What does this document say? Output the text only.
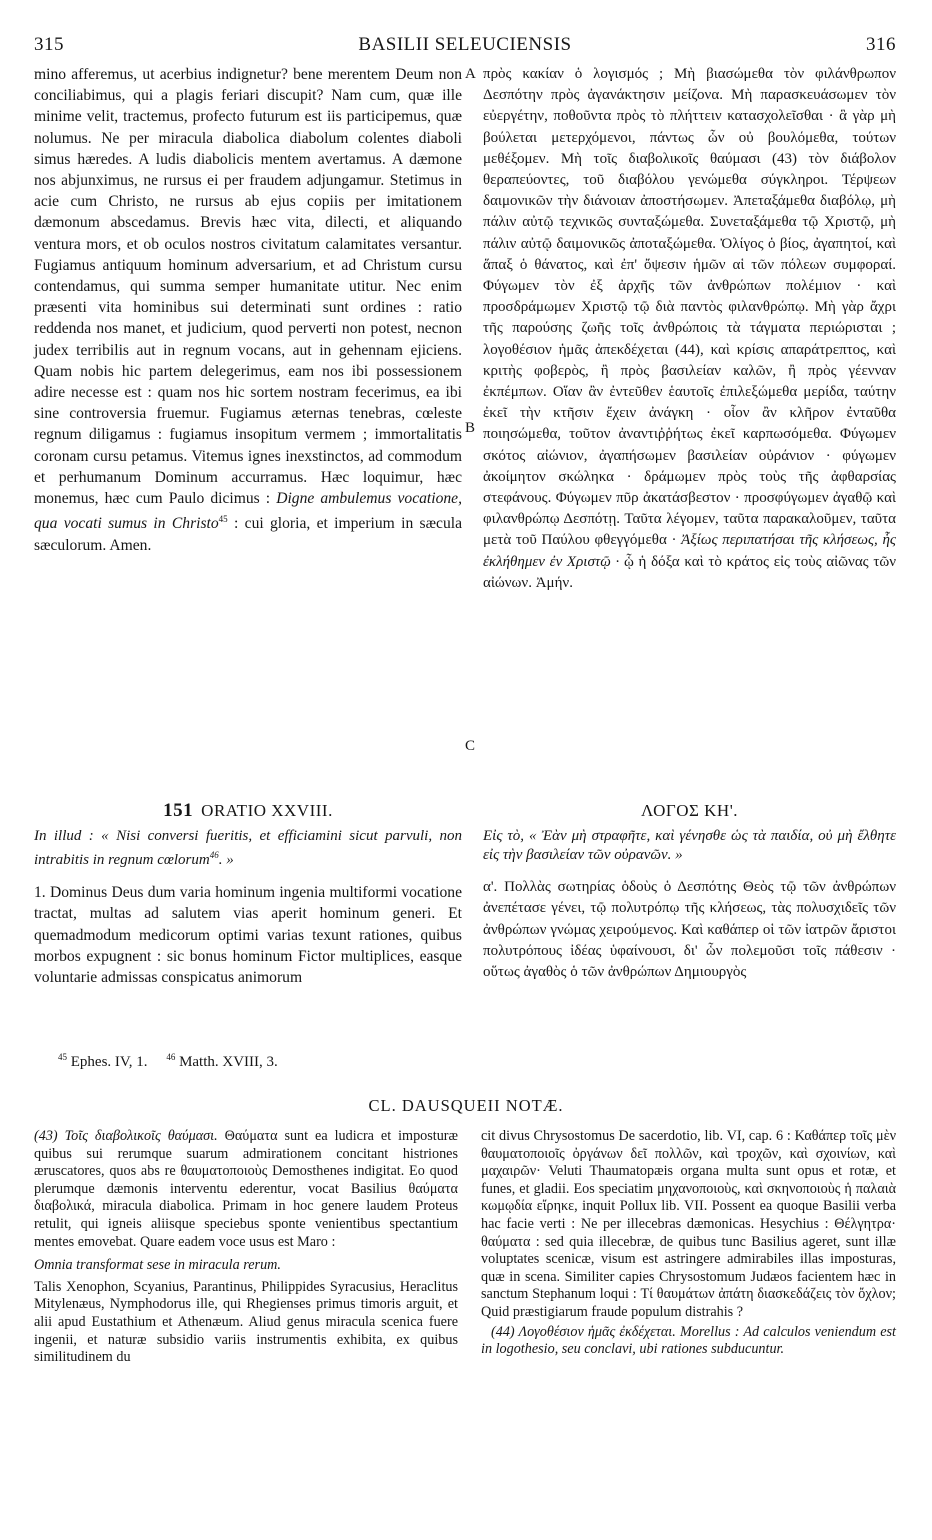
315	BASILII SELEUCIENSIS	316

mino afferemus, ut acerbius indignetur? bene merentem Deum non conciliabimus, qui a plagis feriari discupit? Nam cum, quæ ille minime velit, tractemus, profecto futurum est iis participemus, quæ nolumus. Ne per miracula diabolica diabolum colentes diaboli simus hæredes. A ludis diabolicis mentem avertamus. A dæmone nos abjunximus, ne rursus ei per fraudem adjungamur. Stetimus in acie cum Christo, ne rursus ab ejus copiis per imitationem dæmonum abscedamus. Brevis hæc vita, dilecti, et aliquando ventura mors, et ob oculos nostros civitatum calamitates versantur. Fugiamus antiquum hominum adversarium, et ad Christum cursu contendamus, qui summa semper humanitate utitur. Nec enim præsenti vita hominibus sui determinati sunt ordines : ratio reddenda nos manet, et judicium, quod perverti non potest, necnon judex terribilis aut in regnum vocans, aut in gehennam ejiciens. Quam nobis hic partem delegerimus, eam nos ibi possessionem adire necesse est : quam nos hic sortem nostram fecerimus, ea ibi sine controversia fruemur. Fugiamus æternas tenebras, cœleste regnum diligamus : fugiamus insopitum vermem ; immortalitatis coronam cursu petamus. Vitemus ignes inexstinctos, ad commodum et perhumanum Dominum accurramus. Hæc loquimur, hæc monemus, hæc cum Paulo dicimus : Digne ambulemus vocatione, qua vocati sumus in Christo$^{45}$ : cui gloria, et imperium in sæcula sæculorum. Amen.

πρὸς κακίαν ὁ λογισμός ; Μὴ βιασώμεθα τὸν φιλάνθρωπον Δεσπότην πρὸς ἀγανάκτησιν μείζονα. Μὴ παρασκευάσωμεν τὸν εὐεργέτην, ποθοῦντα πρὸς τὸ πλήττειν κατασχολεῖσθαι · ἃ γὰρ μὴ βούλεται μετερχόμενοι, πάντως ὧν οὐ βουλόμεθα, τούτων μεθέξομεν. Μὴ τοῖς διαβολικοῖς θαύμασι (43) τὸν διάβολον θεραπεύοντες, τοῦ διαβόλου γενώμεθα σύγκληροι. Τέρψεων δαιμονικῶν τὴν διάνοιαν ἀποστήσωμεν. Ἀπεταξάμεθα διαβόλῳ, μὴ πάλιν αὐτῷ τεχνικῶς συνταξώμεθα. Συνεταξάμεθα τῷ Χριστῷ, μὴ πάλιν αὐτῷ δαιμονικῶς ἀποταξώμεθα. Ὀλίγος ὁ βίος, ἀγαπητοί, καὶ ἅπαξ ὁ θάνατος, καὶ ἐπ' ὄψεσιν ἡμῶν αἱ τῶν πόλεων συμφοραί. Φύγωμεν τὸν ἐξ ἀρχῆς τῶν ἀνθρώπων πολέμιον · καὶ προσδράμωμεν Χριστῷ τῷ διὰ παντὸς φιλανθρώπῳ. Μὴ γὰρ ἄχρι τῆς παρούσης ζωῆς τοῖς ἀνθρώποις τὰ τάγματα περιώρισται ; λογοθέσιον ἡμᾶς ἀπεκδέχεται (44), καὶ κρίσις απαράτρεπτος, καὶ κριτὴς φοβερὸς, ἢ πρὸς βασιλείαν καλῶν, ἢ πρὸς γέενναν ἐκπέμπων. Οἵαν ἂν ἐντεῦθεν ἑαυτοῖς ἐπιλεξώμεθα μερίδα, ταύτην ἐκεῖ τὴν κτῆσιν ἔχειν ἀνάγκη · οἷον ἂν κλῆρον ἐνταῦθα ποιησώμεθα, τοῦτον ἀναντιῤῥήτως ἐκεῖ καρπωσόμεθα. Φύγωμεν σκότος αἰώνιον, ἀγαπήσωμεν βασιλείαν οὐράνιον · φύγωμεν ἀκοίμητον σκώληκα · δράμωμεν πρὸς τοὺς τῆς ἀφθαρσίας στεφάνους. Φύγωμεν πῦρ ἀκατάσβεστον · προσφύγωμεν ἀγαθῷ καὶ φιλανθρώπῳ Δεσπότῃ. Ταῦτα λέγομεν, ταῦτα παρακαλοῦμεν, ταῦτα μετὰ τοῦ Παύλου φθεγγόμεθα · Ἀξίως περιπατήσαι τῆς κλήσεως, ἧς ἐκλήθημεν ἐν Χριστῷ · ᾧ ἡ δόξα καὶ τὸ κράτος εἰς τοὺς αἰῶνας τῶν αἰώνων. Ἀμήν.

A
B
C

151 ORATIO XXVIII.

In illud : « Nisi conversi fueritis, et efficiamini sicut parvuli, non intrabitis in regnum cœlorum$^{46}$. »

1. Dominus Deus dum varia hominum ingenia multiformi vocatione tractat, multas ad salutem vias aperit hominum generi. Et quemadmodum medicorum optimi varias texunt rationes, quibus morbos expugnent : sic bonus hominum Fictor multiplices, easque voluntarie admissas conspicatus animorum

ΛΟΓΟΣ ΚΗ'.

Εἰς τὸ, « Ἐὰν μὴ στραφῆτε, καὶ γένησθε ὡς τὰ παιδία, οὐ μὴ ἔλθητε εἰς τὴν βασιλείαν τῶν οὐρανῶν. »

α'. Πολλὰς σωτηρίας ὁδοὺς ὁ Δεσπότης Θεὸς τῷ τῶν ἀνθρώπων ἀνεπέτασε γένει, τῷ πολυτρόπῳ τῆς κλήσεως, τὰς πολυσχιδεῖς τῶν ἀνθρώπων γνώμας χειρούμενος. Καὶ καθάπερ οἱ τῶν ἰατρῶν ἄριστοι πολυτρόπους ἰδέας ὑφαίνουσι, δι' ὧν πολεμοῦσι τοῖς πάθεσιν · οὕτως ἀγαθὸς ὁ τῶν ἀνθρώπων Δημιουργὸς

$^{45}$ Ephes. IV, 1. $^{46}$ Matth. XVIII, 3.
CL. DAUSQUEII NOTÆ.

(43) Τοῖς διαβολικοῖς θαύμασι. Θαύματα sunt ea ludicra et imposturæ quibus sui rerumque suarum admirationem concitant histriones æruscatores, quos abs re θαυματοποιοὺς Demosthenes indigitat. Eo quod plerumque dæmonis interventu ederentur, vocat Basilius θαύματα διαβολικά, miracula diabolica. Primam in hoc genere laudem Proteus retulit, qui igneis aliisque speciebus sponte venientibus spectantium mentes emovebat. Quare eadem voce usus est Maro :

Omnia transformat sese in miracula rerum.

Talis Xenophon, Scyanius, Parantinus, Philippides Syracusius, Heraclitus Mitylenæus, Nymphodorus ille, qui Rhegienses primus timoris arguit, et alii apud Eustathium et Athenæum. Aliud genus miracula scenica fuere ingenii, et naturæ subsidio variis instrumentis exhibita, ex quibus similitudinem du

cit divus Chrysostomus De sacerdotio, lib. VI, cap. 6 : Καθάπερ τοῖς μὲν θαυματοποιοῖς ὀργάνων δεῖ πολλῶν, καὶ τροχῶν, καὶ σχοινίων, καὶ μαχαιρῶν· Veluti Thaumatopæis organa multa sunt opus et rotæ, et funes, et gladii. Eos speciatim μηχανοποιοὺς, καὶ σκηνοποιοὺς ἡ παλαιὰ κωμῳδία εἴρηκε, inquit Pollux lib. VII. Possent ea quoque Basilii verba hac facie verti : Ne per illecebras dæmonicas. Hesychius : Θέλγητρα· θαύματα : sed quia illecebræ, de quibus tunc Basilius ageret, sunt illæ voluptates scenicæ, visum est astringere admirabiles illas imposturas, quæ in scena. Similiter capies Chrysostomum Judæos facientem hæc in sanctum Stephanum loqui : Τί θαυμάτων ἀπάτη διασκεδάζεις τὸν ὄχλον; Quid præstigiarum fraude populum distrahis ?

(44) Λογοθέσιον ἡμᾶς ἐκδέχεται. Morellus : Ad calculos veniendum est in logothesio, seu conclavi, ubi rationes subducuntur.
